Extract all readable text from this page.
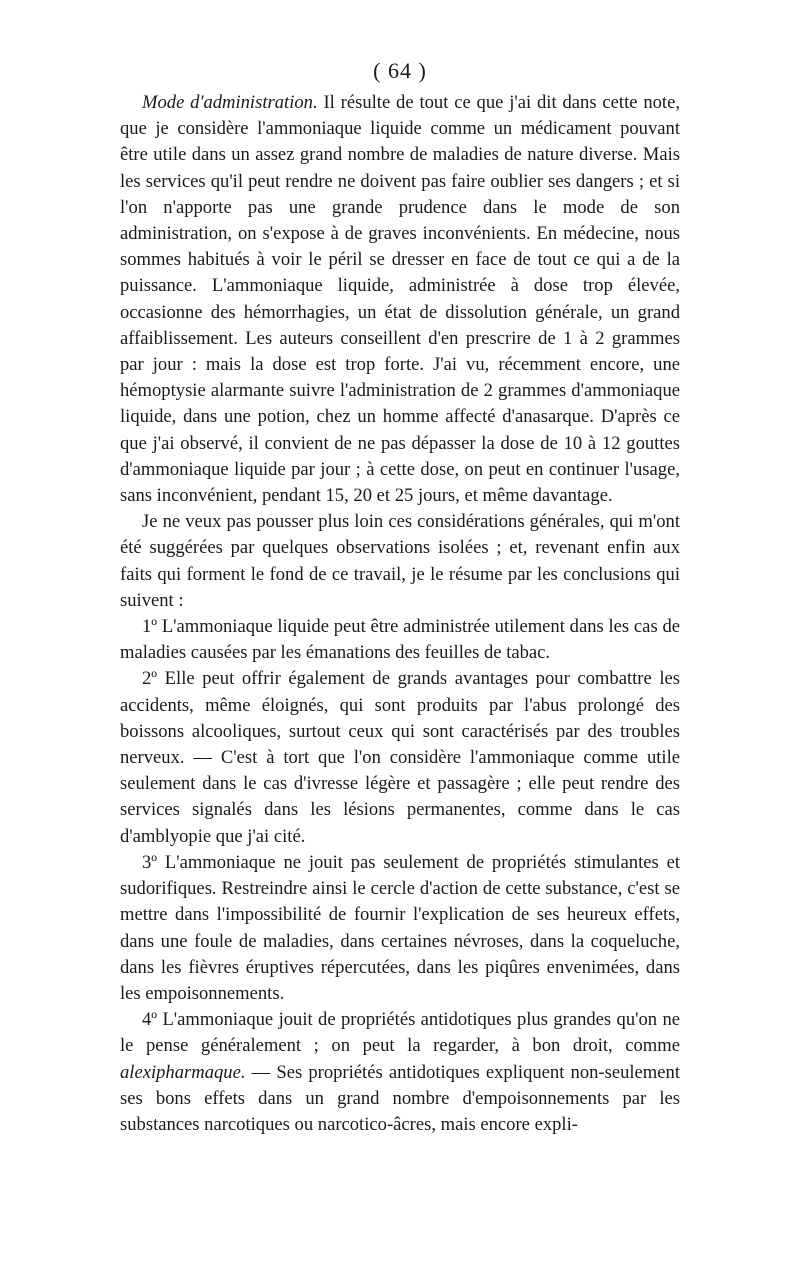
( 64 )

Mode d'administration. Il résulte de tout ce que j'ai dit dans cette note, que je considère l'ammoniaque liquide comme un médicament pouvant être utile dans un assez grand nombre de maladies de nature diverse. Mais les services qu'il peut rendre ne doivent pas faire oublier ses dangers ; et si l'on n'apporte pas une grande prudence dans le mode de son administration, on s'expose à de graves inconvénients. En médecine, nous sommes habitués à voir le péril se dresser en face de tout ce qui a de la puissance. L'ammoniaque liquide, administrée à dose trop élevée, occasionne des hémorrhagies, un état de dissolution générale, un grand affaiblissement. Les auteurs conseillent d'en prescrire de 1 à 2 grammes par jour : mais la dose est trop forte. J'ai vu, récemment encore, une hémoptysie alarmante suivre l'administration de 2 grammes d'ammoniaque liquide, dans une potion, chez un homme affecté d'anasarque. D'après ce que j'ai observé, il convient de ne pas dépasser la dose de 10 à 12 gouttes d'ammoniaque liquide par jour ; à cette dose, on peut en continuer l'usage, sans inconvénient, pendant 15, 20 et 25 jours, et même davantage.

Je ne veux pas pousser plus loin ces considérations générales, qui m'ont été suggérées par quelques observations isolées ; et, revenant enfin aux faits qui forment le fond de ce travail, je le résume par les conclusions qui suivent :

1º L'ammoniaque liquide peut être administrée utilement dans les cas de maladies causées par les émanations des feuilles de tabac.

2º Elle peut offrir également de grands avantages pour combattre les accidents, même éloignés, qui sont produits par l'abus prolongé des boissons alcooliques, surtout ceux qui sont caractérisés par des troubles nerveux. — C'est à tort que l'on considère l'ammoniaque comme utile seulement dans le cas d'ivresse légère et passagère ; elle peut rendre des services signalés dans les lésions permanentes, comme dans le cas d'amblyopie que j'ai cité.

3º L'ammoniaque ne jouit pas seulement de propriétés stimulantes et sudorifiques. Restreindre ainsi le cercle d'action de cette substance, c'est se mettre dans l'impossibilité de fournir l'explication de ses heureux effets, dans une foule de maladies, dans certaines névroses, dans la coqueluche, dans les fièvres éruptives répercutées, dans les piqûres envenimées, dans les empoisonnements.

4º L'ammoniaque jouit de propriétés antidotiques plus grandes qu'on ne le pense généralement ; on peut la regarder, à bon droit, comme alexipharmaque. — Ses propriétés antidotiques expliquent non-seulement ses bons effets dans un grand nombre d'empoisonnements par les substances narcotiques ou narcotico-âcres, mais encore expli-
